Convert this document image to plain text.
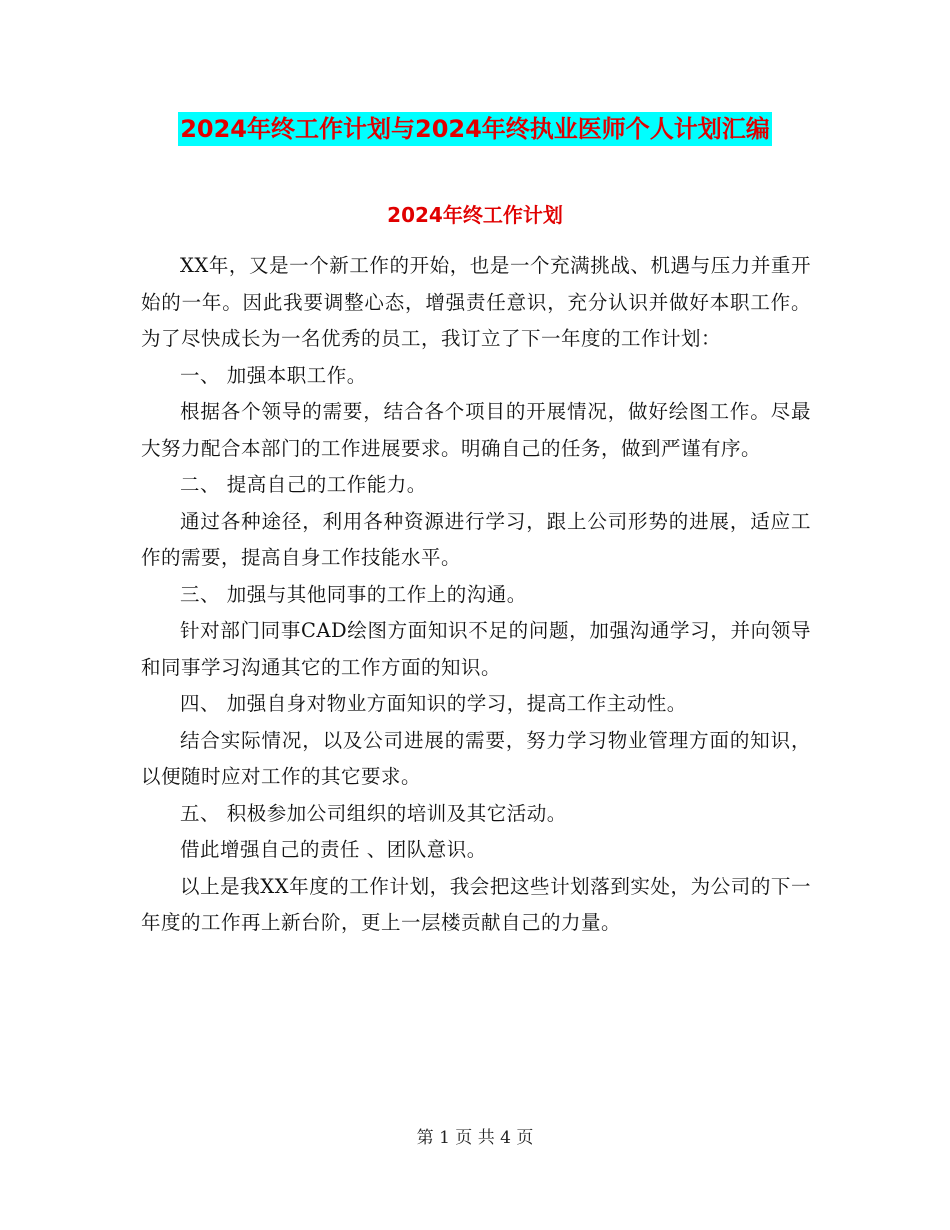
2024年终工作计划与2024年终执业医师个人计划汇编
2024年终工作计划

XX年，又是一个新工作的开始，也是一个充满挑战、机遇与压力并重开始的一年。因此我要调整心态，增强责任意识，充分认识并做好本职工作。为了尽快成长为一名优秀的员工，我订立了下一年度的工作计划：

一、 加强本职工作。

根据各个领导的需要，结合各个项目的开展情况，做好绘图工作。尽最大努力配合本部门的工作进展要求。明确自己的任务，做到严谨有序。

二、 提高自己的工作能力。

通过各种途径，利用各种资源进行学习，跟上公司形势的进展，适应工作的需要，提高自身工作技能水平。

三、 加强与其他同事的工作上的沟通。

针对部门同事CAD绘图方面知识不足的问题，加强沟通学习，并向领导和同事学习沟通其它的工作方面的知识。

四、 加强自身对物业方面知识的学习，提高工作主动性。

结合实际情况，以及公司进展的需要，努力学习物业管理方面的知识，以便随时应对工作的其它要求。

五、 积极参加公司组织的培训及其它活动。

借此增强自己的责任 、团队意识。

以上是我XX年度的工作计划，我会把这些计划落到实处，为公司的下一年度的工作再上新台阶，更上一层楼贡献自己的力量。

第 1 页 共 4 页
